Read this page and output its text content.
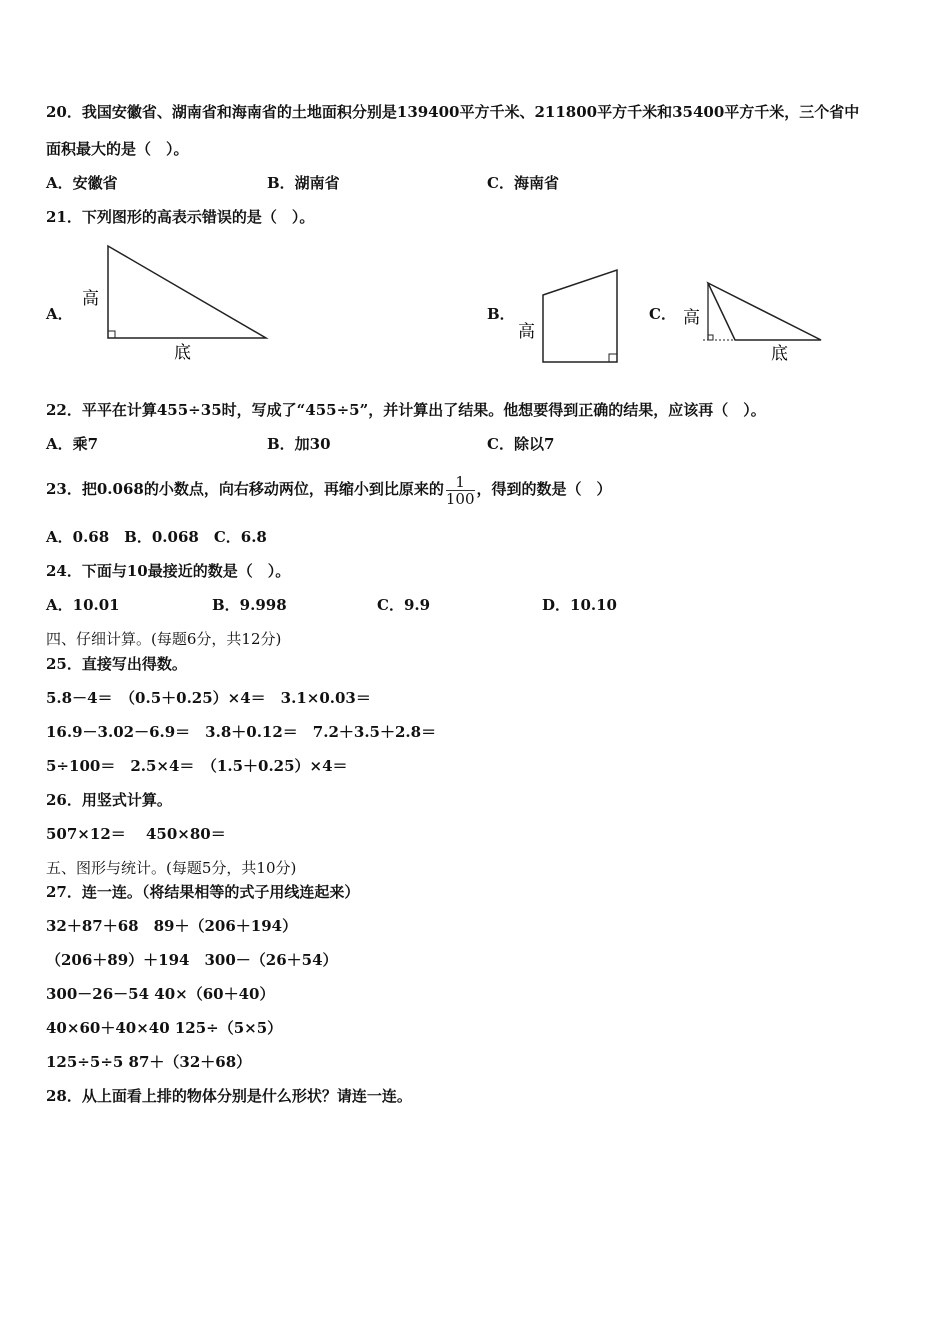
20．我国安徽省、湖南省和海南省的土地面积分别是139400平方千米、211800平方千米和35400平方千米，三个省中
面积最大的是（　）。
A．安徽省	B．湖南省	C．海南省
21．下列图形的高表示错误的是（　）。
A．	B．	C．
高
底
高
高
底
22．平平在计算455÷35时，写成了“455÷5”，并计算出了结果。他想要得到正确的结果，应该再（　）。
A．乘7	B．加30	C．除以7
23．把0.068的小数点，向右移动两位，再缩小到比原来的 $\frac{1}{100}$ ，得到的数是（　）
A．0.68　B．0.068　C．6.8
24．下面与10最接近的数是（　）。
A．10.01	B．9.998	C．9.9	D．10.10
四、仔细计算。(每题6分，共12分)
25．直接写出得数。
5.8－4＝　（0.5＋0.25）×4＝　3.1×0.03＝
16.9－3.02－6.9＝　3.8＋0.12＝　7.2＋3.5＋2.8＝
5÷100＝　2.5×4＝　（1.5＋0.25）×4＝
26．用竖式计算。
507×12＝　 450×80＝
五、图形与统计。(每题5分，共10分)
27．连一连。（将结果相等的式子用线连起来）
32＋87＋68　89＋（206＋194）
（206＋89）＋194　300－（26＋54）
300－26－54 40×（60＋40）
40×60＋40×40 125÷（5×5）
125÷5÷5 87＋（32＋68）
28．从上面看上排的物体分别是什么形状？请连一连。
